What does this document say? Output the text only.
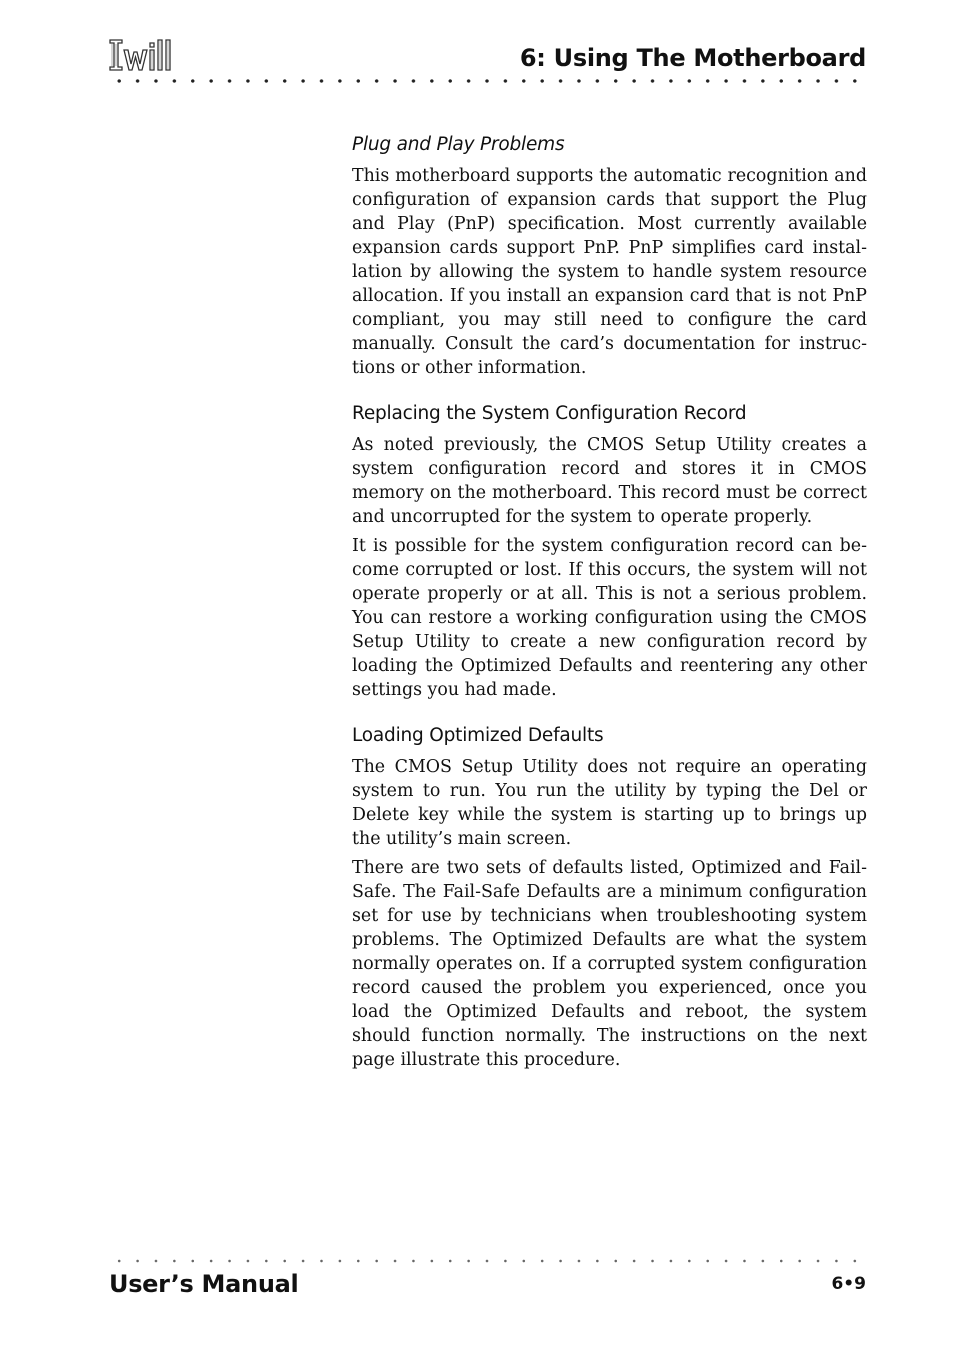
6: Using The Motherboard
Plug and Play Problems

This motherboard supports the automatic recognition and configuration of expansion cards that support the Plug and Play (PnP) specification. Most currently available expansion cards support PnP. PnP simplifies card installation by allowing the system to handle system resource allocation. If you install an expansion card that is not PnP compliant, you may still need to configure the card manually. Consult the card’s documentation for instructions or other information.

Replacing the System Configuration Record

As noted previously, the CMOS Setup Utility creates a system configuration record and stores it in CMOS memory on the motherboard. This record must be correct and uncorrupted for the system to operate properly.

It is possible for the system configuration record can become corrupted or lost. If this occurs, the system will not operate properly or at all. This is not a serious problem. You can restore a working configuration using the CMOS Setup Utility to create a new configuration record by loading the Optimized Defaults and reentering any other settings you had made.

Loading Optimized Defaults

The CMOS Setup Utility does not require an operating system to run. You run the utility by typing the Del or Delete key while the system is starting up to brings up the utility’s main screen.

There are two sets of defaults listed, Optimized and Fail-Safe. The Fail-Safe Defaults are a minimum configuration set for use by technicians when troubleshooting system problems. The Optimized Defaults are what the system normally operates on. If a corrupted system configuration record caused the problem you experienced, once you load the Optimized Defaults and reboot, the system should function normally. The instructions on the next page illustrate this procedure.

User’s Manual	6•9
